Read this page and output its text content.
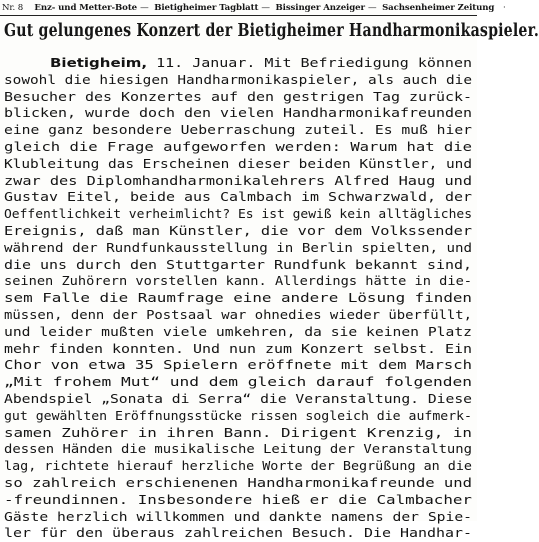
Nr. 8 Enz- und Metter-Bote — Bietigheimer Tagblatt — Bissinger Anzeiger — Sachsenheimer Zeitung ·
Gut gelungenes Konzert der Bietigheimer Handharmonikaspieler.
Bietigheim, 11. Januar. Mit Befriedigung können
sowohl die hiesigen Handharmonikaspieler, als auch die
Besucher des Konzertes auf den gestrigen Tag zurück-
blicken, wurde doch den vielen Handharmonikafreunden
eine ganz besondere Ueberraschung zuteil. Es muß hier
gleich die Frage aufgeworfen werden: Warum hat die
Klubleitung das Erscheinen dieser beiden Künstler, und
zwar des Diplomhandharmonikalehrers Alfred Haug und
Gustav Eitel, beide aus Calmbach im Schwarzwald, der
Oeffentlichkeit verheimlicht? Es ist gewiß kein alltägliches
Ereignis, daß man Künstler, die vor dem Volkssender
während der Rundfunkausstellung in Berlin spielten, und
die uns durch den Stuttgarter Rundfunk bekannt sind,
seinen Zuhörern vorstellen kann. Allerdings hätte in die-
sem Falle die Raumfrage eine andere Lösung finden
müssen, denn der Postsaal war ohnedies wieder überfüllt,
und leider mußten viele umkehren, da sie keinen Platz
mehr finden konnten. Und nun zum Konzert selbst. Ein
Chor von etwa 35 Spielern eröffnete mit dem Marsch
„Mit frohem Mut“ und dem gleich darauf folgenden
Abendspiel „Sonata di Serra“ die Veranstaltung. Diese
gut gewählten Eröffnungsstücke rissen sogleich die aufmerk-
samen Zuhörer in ihren Bann. Dirigent Krenzig, in
dessen Händen die musikalische Leitung der Veranstaltung
lag, richtete hierauf herzliche Worte der Begrüßung an die
so zahlreich erschienenen Handharmonikafreunde und
-freundinnen. Insbesondere hieß er die Calmbacher
Gäste herzlich willkommen und dankte namens der Spie-
ler für den überaus zahlreichen Besuch. Die Handhar-
